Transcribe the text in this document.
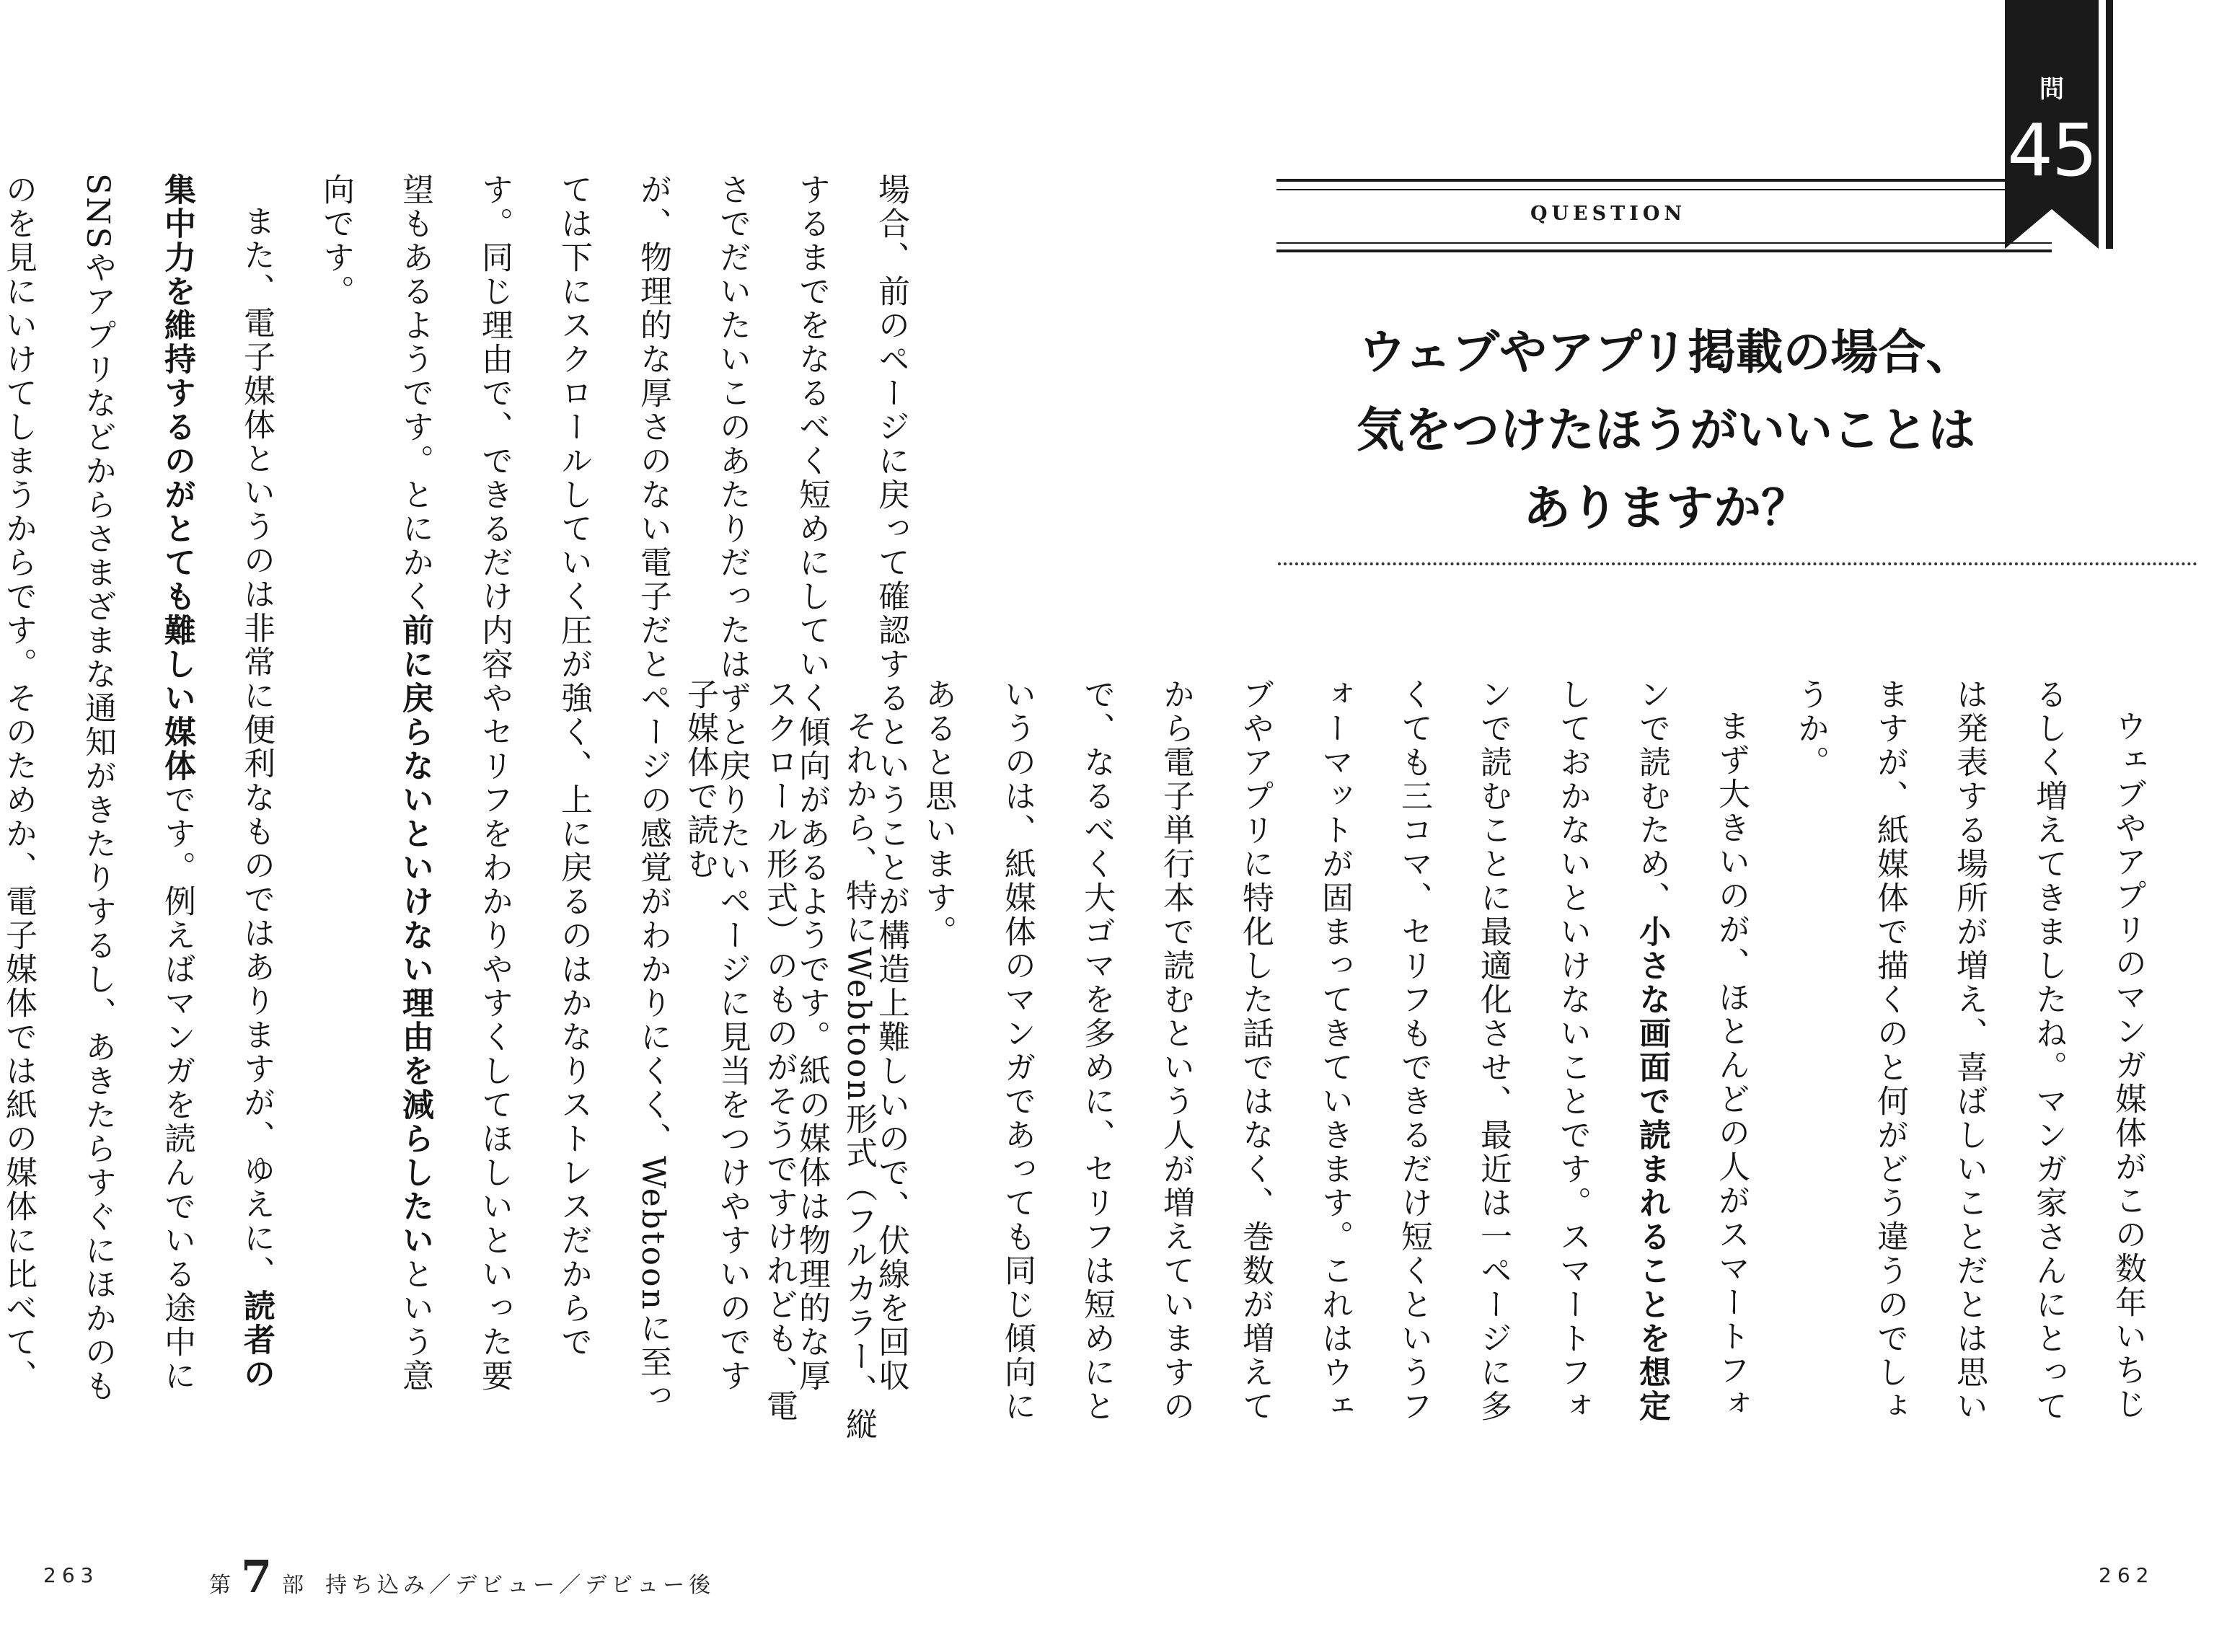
場合、前のページに戻って確認するということが構造上難しいので、伏線を回収するまでをなるべく短めにしていく傾向があるようです。紙の媒体は物理的な厚さでだいたいこのあたりだったはずと戻りたいページに見当をつけやすいのですが、物理的な厚さのない電子だとページの感覚がわかりにくく、Webtoonに至っては下にスクロールしていく圧が強く、上に戻るのはかなりストレスだからです。同じ理由で、できるだけ内容やセリフをわかりやすくしてほしいといった要望もあるようです。とにかく前に戻らないといけない理由を減らしたいという意向です。

また、電子媒体というのは非常に便利なものではありますが、ゆえに、読者の集中力を維持するのがとても難しい媒体です。例えばマンガを読んでいる途中にSNSやアプリなどからさまざまな通知がきたりするし、あきたらすぐにほかのものを見にいけてしまうからです。そのためか、電子媒体では紙の媒体に比べて、

263	第 7 部 持ち込み／デビュー／デビュー後
QUESTION
問
45
ウェブやアプリ掲載の場合、
気をつけたほうがいいことは
ありますか？

ウェブやアプリのマンガ媒体がこの数年いちじるしく増えてきましたね。マンガ家さんにとっては発表する場所が増え、喜ばしいことだとは思いますが、紙媒体で描くのと何がどう違うのでしょうか。

まず大きいのが、ほとんどの人がスマートフォンで読むため、小さな画面で読まれることを想定しておかないといけないことです。スマートフォンで読むことに最適化させ、最近は一ページに多くても三コマ、セリフもできるだけ短くというフォーマットが固まってきていきます。これはウェブやアプリに特化した話ではなく、巻数が増えてから電子単行本で読むという人が増えていますので、なるべく大ゴマを多めに、セリフは短めにというのは、紙媒体のマンガであっても同じ傾向にあると思います。

それから、特にWebtoon形式（フルカラー、縦スクロール形式）のものがそうですけれども、電子媒体で読む

262
